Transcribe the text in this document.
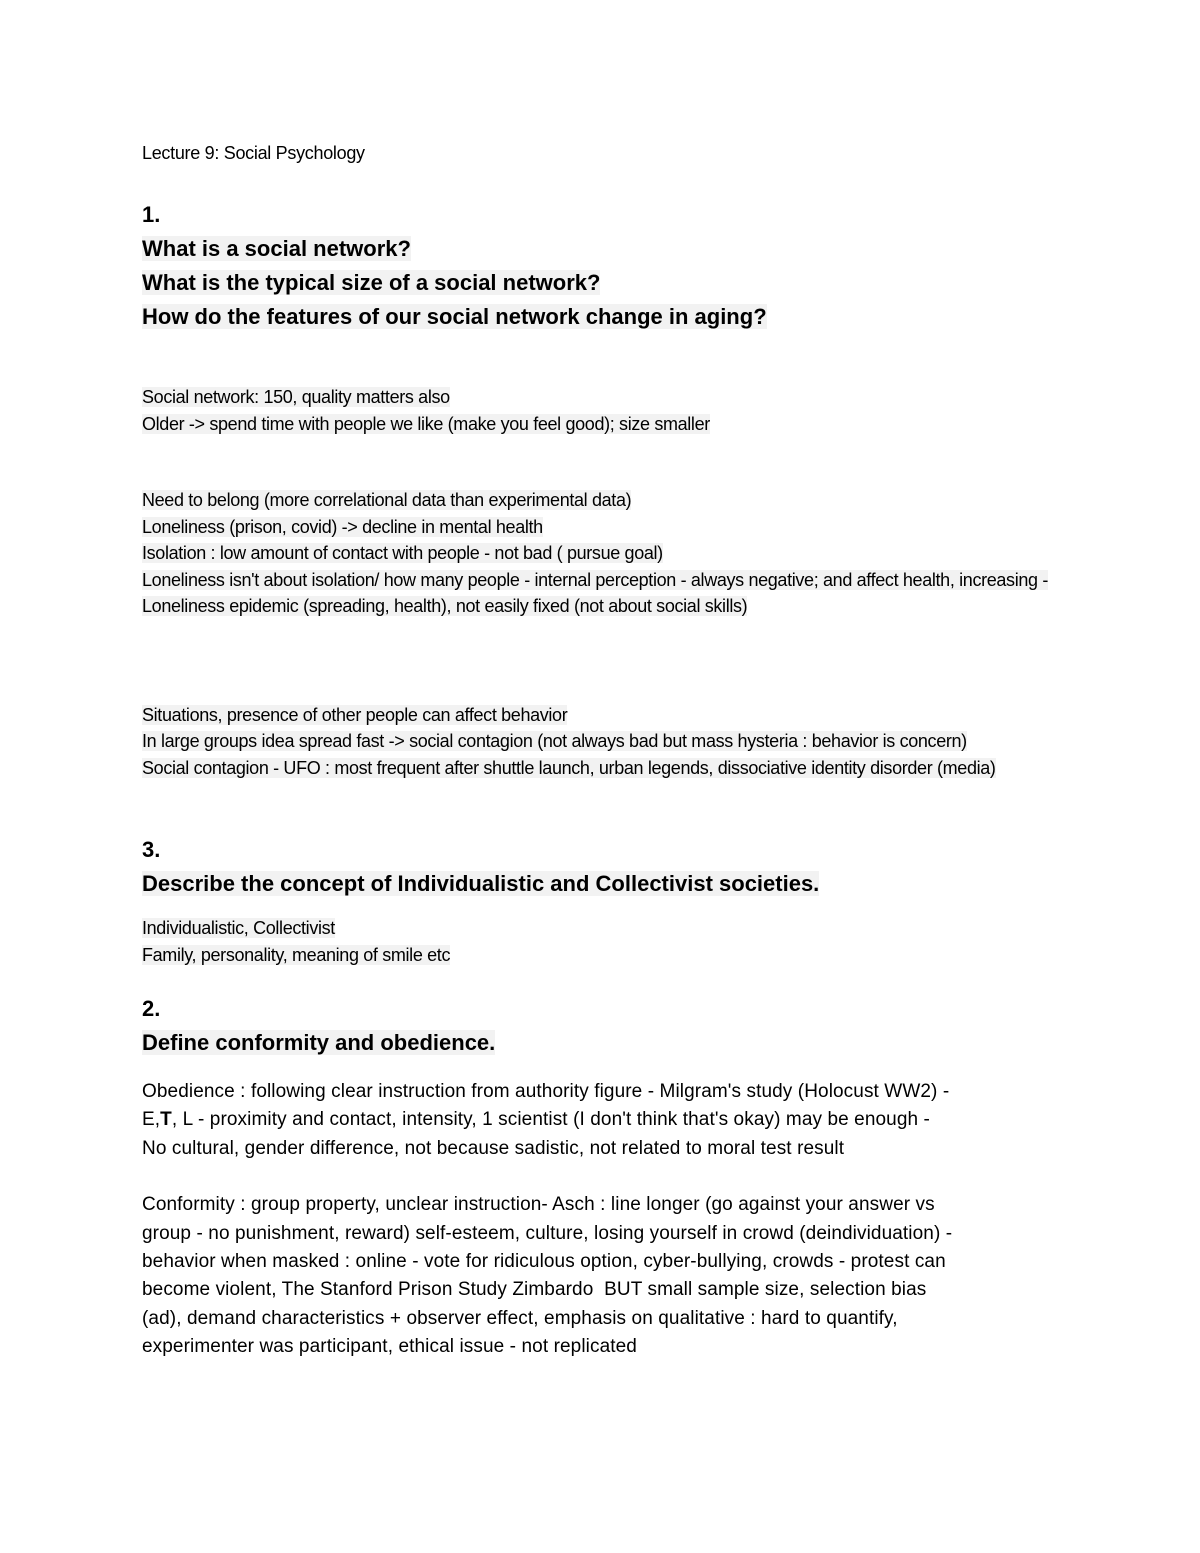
Lecture 9: Social Psychology
1.
What is a social network?
What is the typical size of a social network?
How do the features of our social network change in aging?
Social network: 150, quality matters also
Older -> spend time with people we like (make you feel good); size smaller
Need to belong (more correlational data than experimental data)
Loneliness (prison, covid) -> decline in mental health
Isolation : low amount of contact with people - not bad ( pursue goal)
Loneliness isn't about isolation/ how many people - internal perception - always negative; and affect health, increasing -
Loneliness epidemic (spreading, health), not easily fixed (not about social skills)
Situations, presence of other people can affect behavior
In large groups idea spread fast -> social contagion (not always bad but mass hysteria : behavior is concern)
Social contagion - UFO : most frequent after shuttle launch, urban legends, dissociative identity disorder (media)
3.
Describe the concept of Individualistic and Collectivist societies.
Individualistic, Collectivist
Family, personality, meaning of smile etc
2.
Define conformity and obedience.
Obedience : following clear instruction from authority figure - Milgram's study (Holocust WW2) -
E,T, L - proximity and contact, intensity, 1 scientist (I don't think that's okay) may be enough -
No cultural, gender difference, not because sadistic, not related to moral test result
Conformity : group property, unclear instruction- Asch : line longer (go against your answer vs
group - no punishment, reward) self-esteem, culture, losing yourself in crowd (deindividuation) -
behavior when masked : online - vote for ridiculous option, cyber-bullying, crowds - protest can
become violent, The Stanford Prison Study Zimbardo  BUT small sample size, selection bias
(ad), demand characteristics + observer effect, emphasis on qualitative : hard to quantify,
experimenter was participant, ethical issue - not replicated
